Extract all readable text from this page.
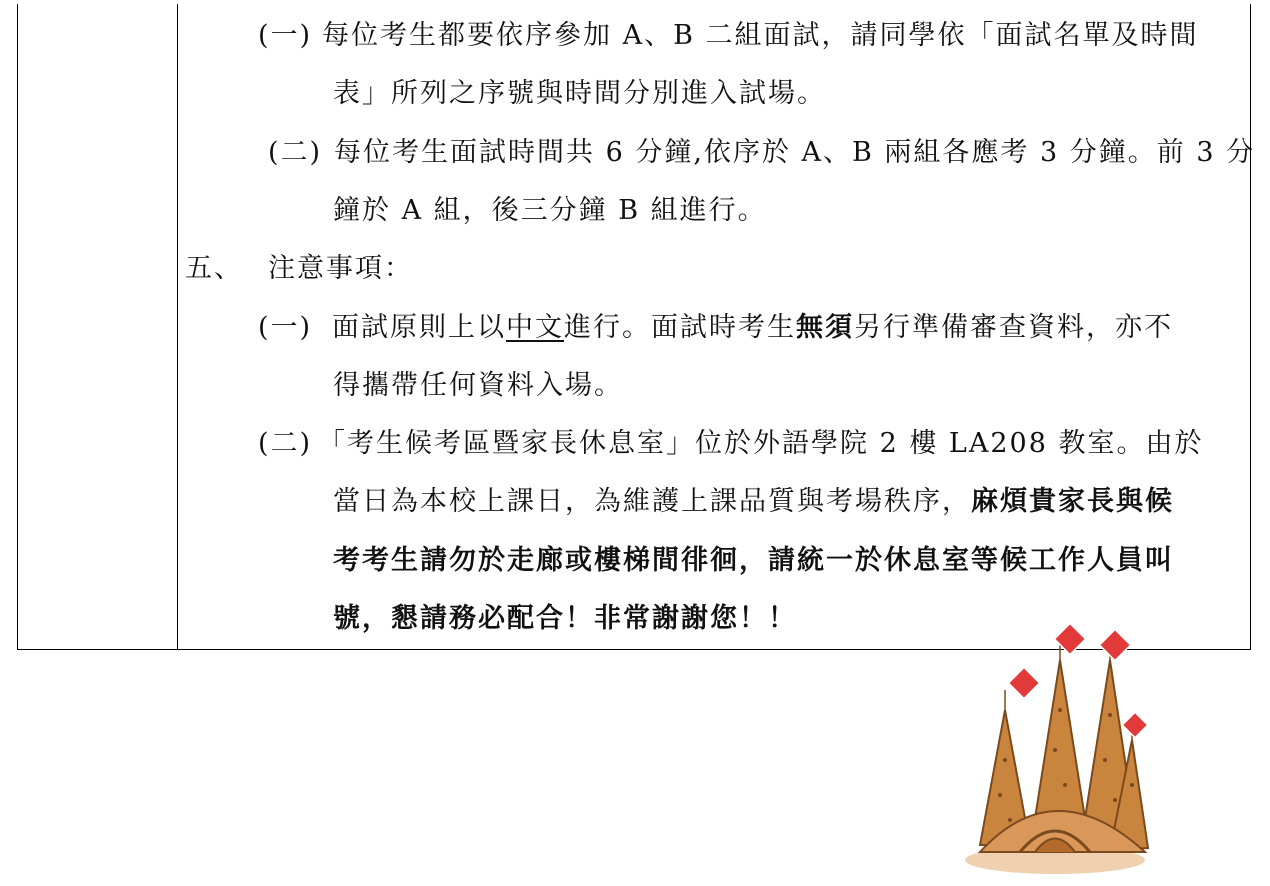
(一) 每位考生都要依序參加 A、B 二組面試，請同學依「面試名單及時間
表」所列之序號與時間分別進入試場。
(二) 每位考生面試時間共 6 分鐘,依序於 A、B 兩組各應考 3 分鐘。前 3 分
鐘於 A 組，後三分鐘 B 組進行。
五、 注意事項：
(一) 面試原則上以中文進行。面試時考生無須另行準備審查資料，亦不
得攜帶任何資料入場。
(二) 「考生候考區暨家長休息室」位於外語學院 2 樓 LA208 教室。由於
當日為本校上課日，為維護上課品質與考場秩序，麻煩貴家長與候
考考生請勿於走廊或樓梯間徘徊，請統一於休息室等候工作人員叫
號，懇請務必配合！非常謝謝您！！
